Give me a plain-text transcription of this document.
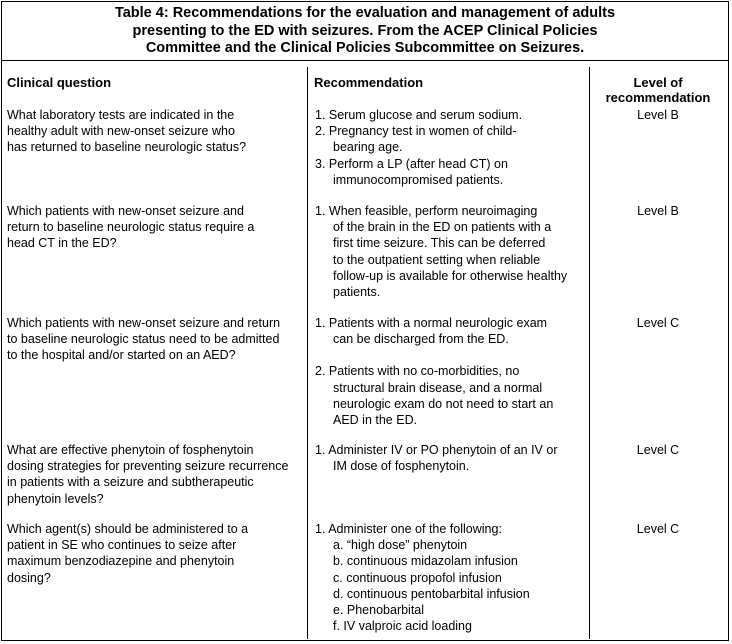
Table 4: Recommendations for the evaluation and management of adults
presenting to the ED with seizures. From the ACEP Clinical Policies
Committee and the Clinical Policies Subcommittee on Seizures.
Clinical question	Recommendation	Level of
recommendation
What laboratory tests are indicated in the
healthy adult with new-onset seizure who
has returned to baseline neurologic status?
1. Serum glucose and serum sodium.
2. Pregnancy test in women of child-
bearing age.
3. Perform a LP (after head CT) on
immunocompromised patients.
Level B
Which patients with new-onset seizure and
return to baseline neurologic status require a
head CT in the ED?
1. When feasible, perform neuroimaging
of the brain in the ED on patients with a
first time seizure. This can be deferred
to the outpatient setting when reliable
follow-up is available for otherwise healthy
patients.
Level B
Which patients with new-onset seizure and return
to baseline neurologic status need to be admitted
to the hospital and/or started on an AED?
1. Patients with a normal neurologic exam
can be discharged from the ED.
2. Patients with no co-morbidities, no
structural brain disease, and a normal
neurologic exam do not need to start an
AED in the ED.
Level C
What are effective phenytoin of fosphenytoin
dosing strategies for preventing seizure recurrence
in patients with a seizure and subtherapeutic
phenytoin levels?
1. Administer IV or PO phenytoin of an IV or
IM dose of fosphenytoin.
Level C
Which agent(s) should be administered to a
patient in SE who continues to seize after
maximum benzodiazepine and phenytoin
dosing?
1. Administer one of the following:
a. “high dose” phenytoin
b. continuous midazolam infusion
c. continuous propofol infusion
d. continuous pentobarbital infusion
e. Phenobarbital
f. IV valproic acid loading
Level C
